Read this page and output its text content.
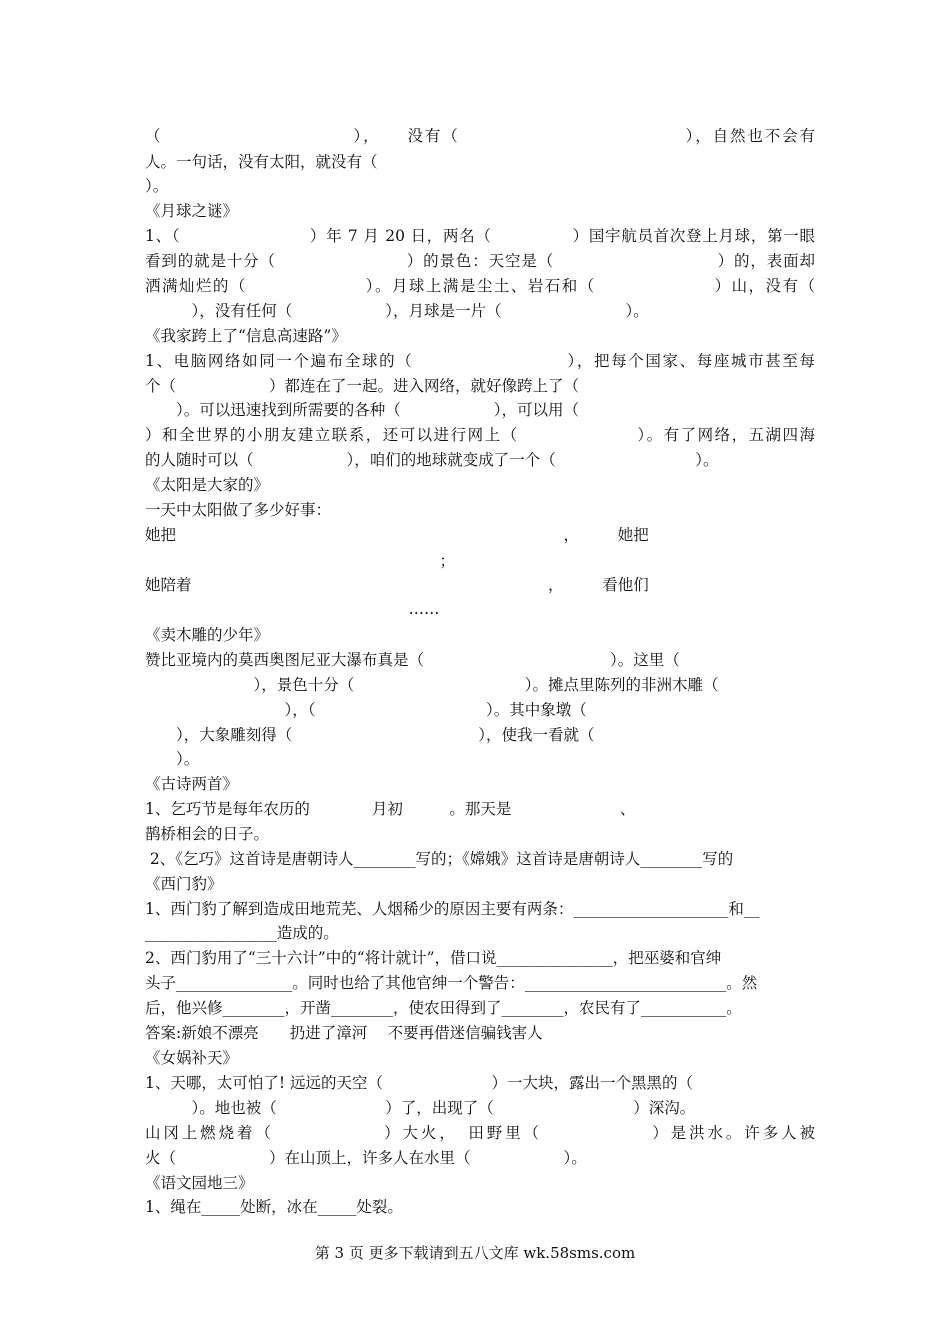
（　　　　　　　　　　　），　　没有（　　　　　　　　　　　　　），自然也不会有
人。一句话，没有太阳，就没有（
）。
《月球之谜》
1、（　　　　　　　　）年 7 月 20 日，两名（　　　　　）国宇航员首次登上月球，第一眼
看到的就是十分（　　　　　　　　）的景色：天空是（　　　　　　　　　　）的，表面却
洒满灿烂的（　　　　　　　）。月球上满是尘土、岩石和（　　　　　　　）山，没有（
　　　），没有任何（　　　　　　），月球是一片（　　　　　　　　）。
《我家跨上了“信息高速路”》
1、电脑网络如同一个遍布全球的（　　　　　　　　　），把每个国家、每座城市甚至每
个（　　　　　　）都连在了一起。进入网络，就好像跨上了（
　　）。可以迅速找到所需要的各种（　　　　　　），可以用（
）和全世界的小朋友建立联系，还可以进行网上（　　　　　　　）。有了网络，五湖四海
的人随时可以（　　　　　　），咱们的地球就变成了一个（　　　　　　　　　）。
《太阳是大家的》
一天中太阳做了多少好事：
她把　　　　　　　　　　　　　　　　　　　　　　　　　，　　　她把
　　　　　　　　　　　　　　　　　　　；
她陪着　　　　　　　　　　　　　　　　　　　　　　　，　　　看他们
　　　　　　　　　　　　　　　　　……
《卖木雕的少年》
赞比亚境内的莫西奥图尼亚大瀑布真是（　　　　　　　　　　　　）。这里（
　　　　　　　），景色十分（　　　　　　　　　　　）。摊点里陈列的非洲木雕（
　　　　　　　　　），（　　　　　　　　　　　）。其中象墩（
　　），大象雕刻得（　　　　　　　　　　　　），使我一看就（
　　）。
《古诗两首》
1、乞巧节是每年农历的　　　　月初　　　。那天是　　　　　　　、
鹊桥相会的日子。
2、《乞巧》这首诗是唐朝诗人________写的；《嫦娥》这首诗是唐朝诗人________写的
《西门豹》
1、西门豹了解到造成田地荒芜、人烟稀少的原因主要有两条：____________________和__
_________________造成的。
2、西门豹用了“三十六计”中的“将计就计”，借口说_______________，把巫婆和官绅
头子_______________。同时也给了其他官绅一个警告：__________________________。然
后，他兴修________，开凿________，使农田得到了________，农民有了___________。
答案:新娘不漂亮　　扔进了漳河　 不要再借迷信骗钱害人
《女娲补天》
1、天哪，太可怕了! 远远的天空（　　　　　　　）一大块，露出一个黑黑的（
　　　）。地也被（　　　　　　　）了，出现了（　　　　　　　　　）深沟。
山冈上燃烧着（　　　　　　）大火，　田野里（　　　　　　）是洪水。许多人被
火（　　　　　　）在山顶上，许多人在水里（　　　　　　）。
《语文园地三》
1、绳在_____处断，冰在_____处裂。
第 3 页 更多下载请到五八文库 wk.58sms.com
